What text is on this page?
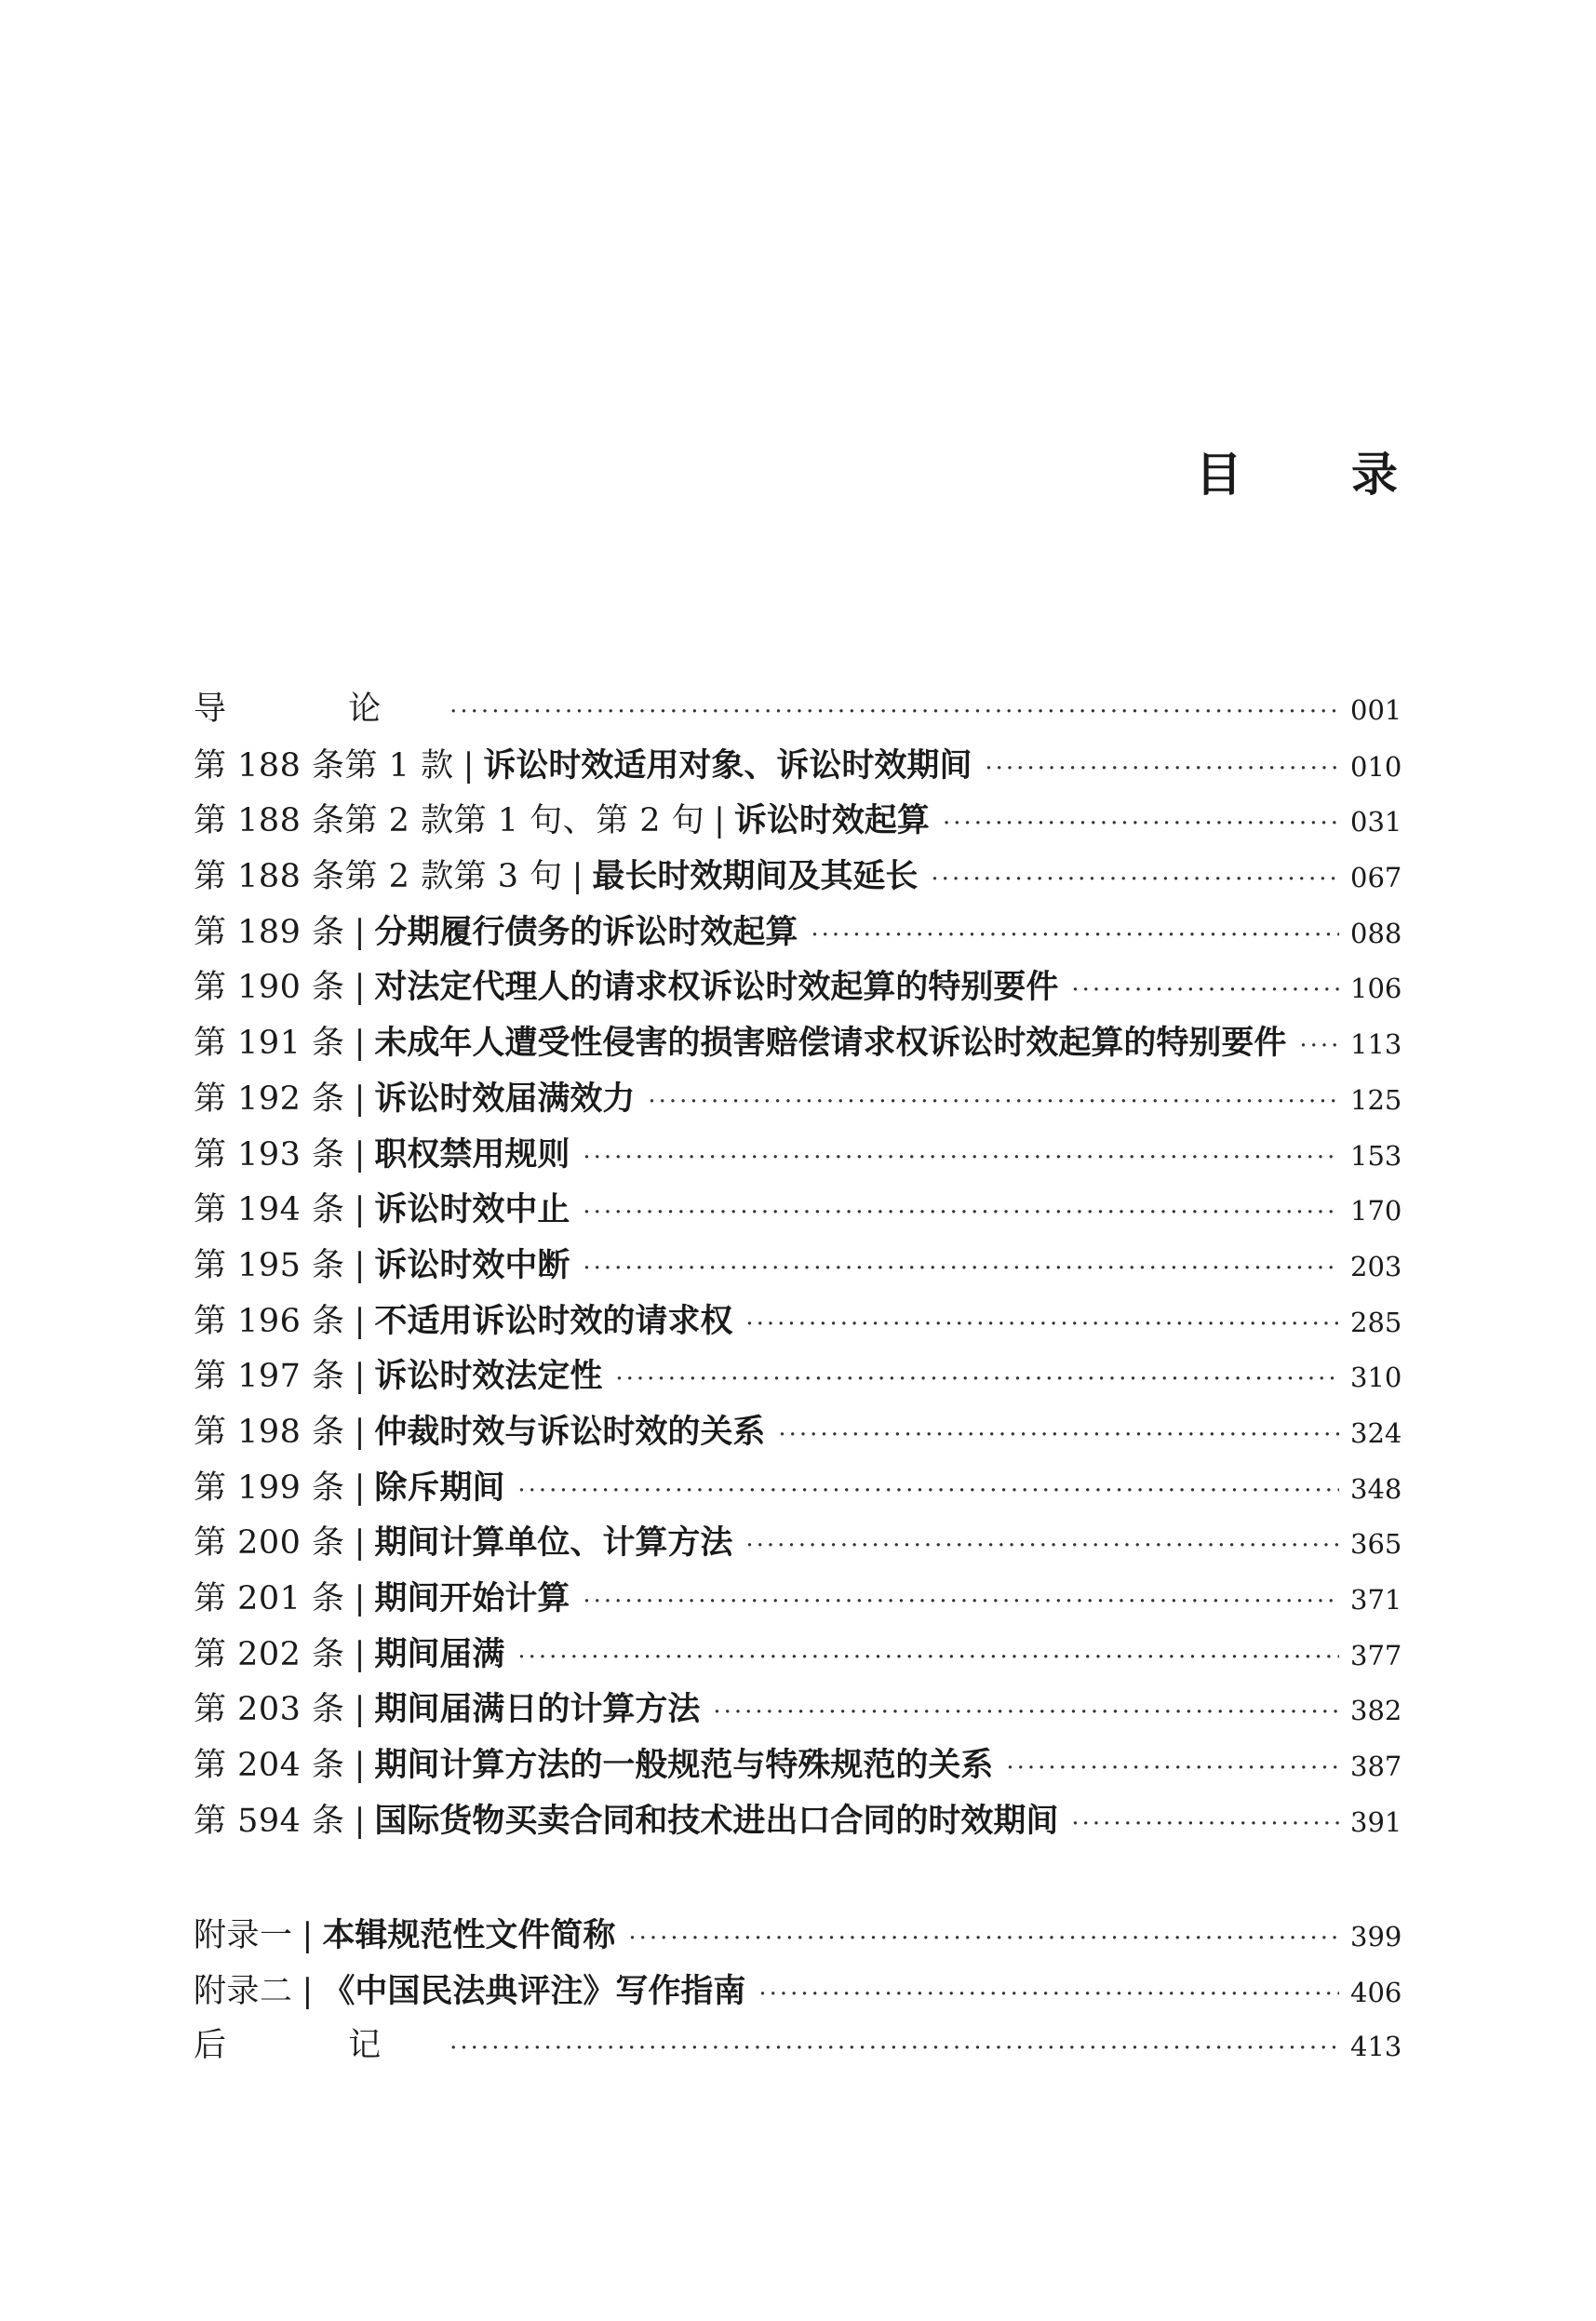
目 录
导 论 ·····	001
第 188 条第 1 款 | 诉讼时效适用对象、诉讼时效期间 ·····	010
第 188 条第 2 款第 1 句、第 2 句 | 诉讼时效起算 ·····	031
第 188 条第 2 款第 3 句 | 最长时效期间及其延长 ·····	067
第 189 条 | 分期履行债务的诉讼时效起算 ·····	088
第 190 条 | 对法定代理人的请求权诉讼时效起算的特别要件 ·····	106
第 191 条 | 未成年人遭受性侵害的损害赔偿请求权诉讼时效起算的特别要件 ····· 113
第 192 条 | 诉讼时效届满效力 ·····	125
第 193 条 | 职权禁用规则 ·····	153
第 194 条 | 诉讼时效中止 ·····	170
第 195 条 | 诉讼时效中断 ·····	203
第 196 条 | 不适用诉讼时效的请求权 ·····	285
第 197 条 | 诉讼时效法定性 ·····	310
第 198 条 | 仲裁时效与诉讼时效的关系 ·····	324
第 199 条 | 除斥期间 ·····	348
第 200 条 | 期间计算单位、计算方法 ·····	365
第 201 条 | 期间开始计算 ·····	371
第 202 条 | 期间届满 ·····	377
第 203 条 | 期间届满日的计算方法 ·····	382
第 204 条 | 期间计算方法的一般规范与特殊规范的关系 ·····	387
第 594 条 | 国际货物买卖合同和技术进出口合同的时效期间 ·····	391
附录一 | 本辑规范性文件简称 ·····	399
附录二 | 《中国民法典评注》写作指南 ·····	406
后 记 ·····	413
